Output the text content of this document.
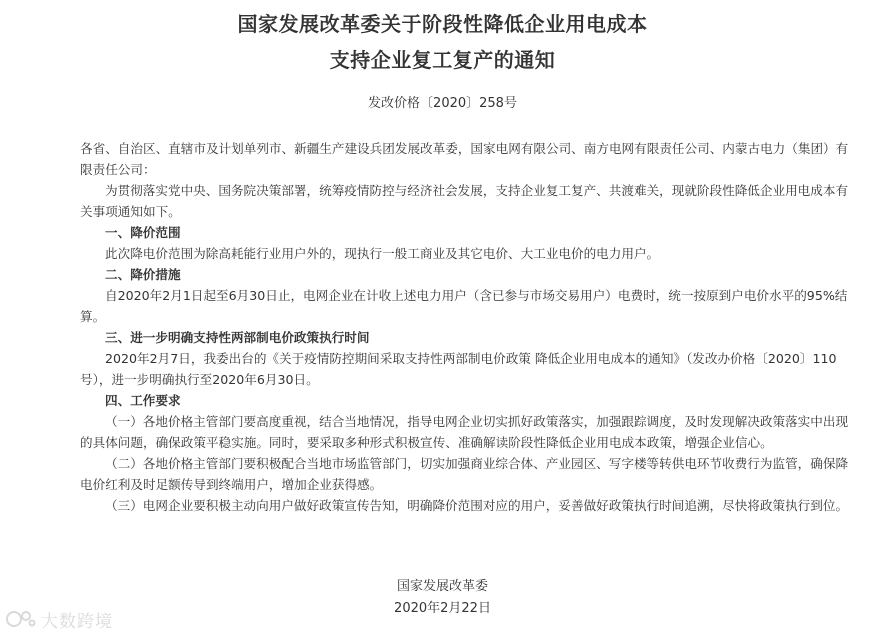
国家发展改革委关于阶段性降低企业用电成本
支持企业复工复产的通知
发改价格〔2020〕258号

各省、自治区、直辖市及计划单列市、新疆生产建设兵团发展改革委，国家电网有限公司、南方电网有限责任公司、内蒙古电力（集团）有限责任公司：

为贯彻落实党中央、国务院决策部署，统筹疫情防控与经济社会发展，支持企业复工复产、共渡难关，现就阶段性降低企业用电成本有关事项通知如下。

一、降价范围

此次降电价范围为除高耗能行业用户外的，现执行一般工商业及其它电价、大工业电价的电力用户。

二、降价措施

自2020年2月1日起至6月30日止，电网企业在计收上述电力用户（含已参与市场交易用户）电费时，统一按原到户电价水平的95%结算。

三、进一步明确支持性两部制电价政策执行时间

2020年2月7日，我委出台的《关于疫情防控期间采取支持性两部制电价政策 降低企业用电成本的通知》（发改办价格〔2020〕110号），进一步明确执行至2020年6月30日。

四、工作要求

（一）各地价格主管部门要高度重视，结合当地情况，指导电网企业切实抓好政策落实，加强跟踪调度，及时发现解决政策落实中出现的具体问题，确保政策平稳实施。同时，要采取多种形式积极宣传、准确解读阶段性降低企业用电成本政策，增强企业信心。

（二）各地价格主管部门要积极配合当地市场监管部门，切实加强商业综合体、产业园区、写字楼等转供电环节收费行为监管，确保降电价红利及时足额传导到终端用户，增加企业获得感。

（三）电网企业要积极主动向用户做好政策宣传告知，明确降价范围对应的用户，妥善做好政策执行时间追溯，尽快将政策执行到位。

国家发展改革委
2020年2月22日
大数跨境
